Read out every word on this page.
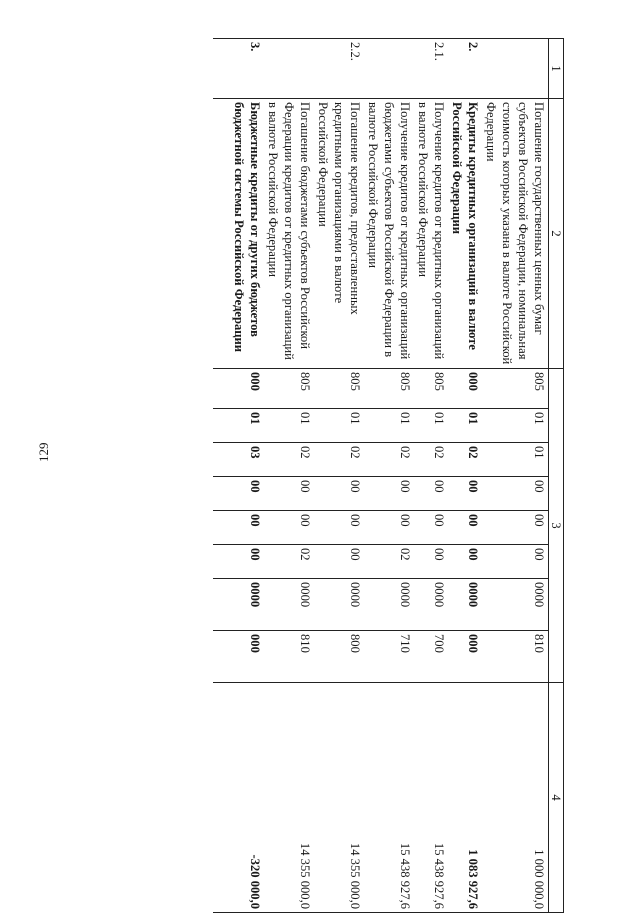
129
1	2	3								4
	Погашение государственных ценных бумаг субъектов Российской Федерации, номинальная стоимость которых указана в валюте Российской Федерации	805	01	01	00	00	00	0000	810	1 000 000,0
2.	Кредиты кредитных организаций в валюте Российской Федерации	000	01	02	00	00	00	0000	000	1 083 927,6
2.1.	Получение кредитов от кредитных организаций в валюте Российской Федерации	805	01	02	00	00	00	0000	700	15 438 927,6
	Получение кредитов от кредитных организаций бюджетами субъектов Российской Федерации в валюте Российской Федерации	805	01	02	00	00	02	0000	710	15 438 927,6
2.2.	Погашение кредитов, предоставленных кредитными организациями в валюте Российской Федерации	805	01	02	00	00	00	0000	800	14 355 000,0
	Погашение бюджетами субъектов Российской Федерации кредитов от кредитных организаций в валюте Российской Федерации	805	01	02	00	00	02	0000	810	14 355 000,0
3.	Бюджетные кредиты от других бюджетов бюджетной системы Российской Федерации	000	01	03	00	00	00	0000	000	-320 000,0
